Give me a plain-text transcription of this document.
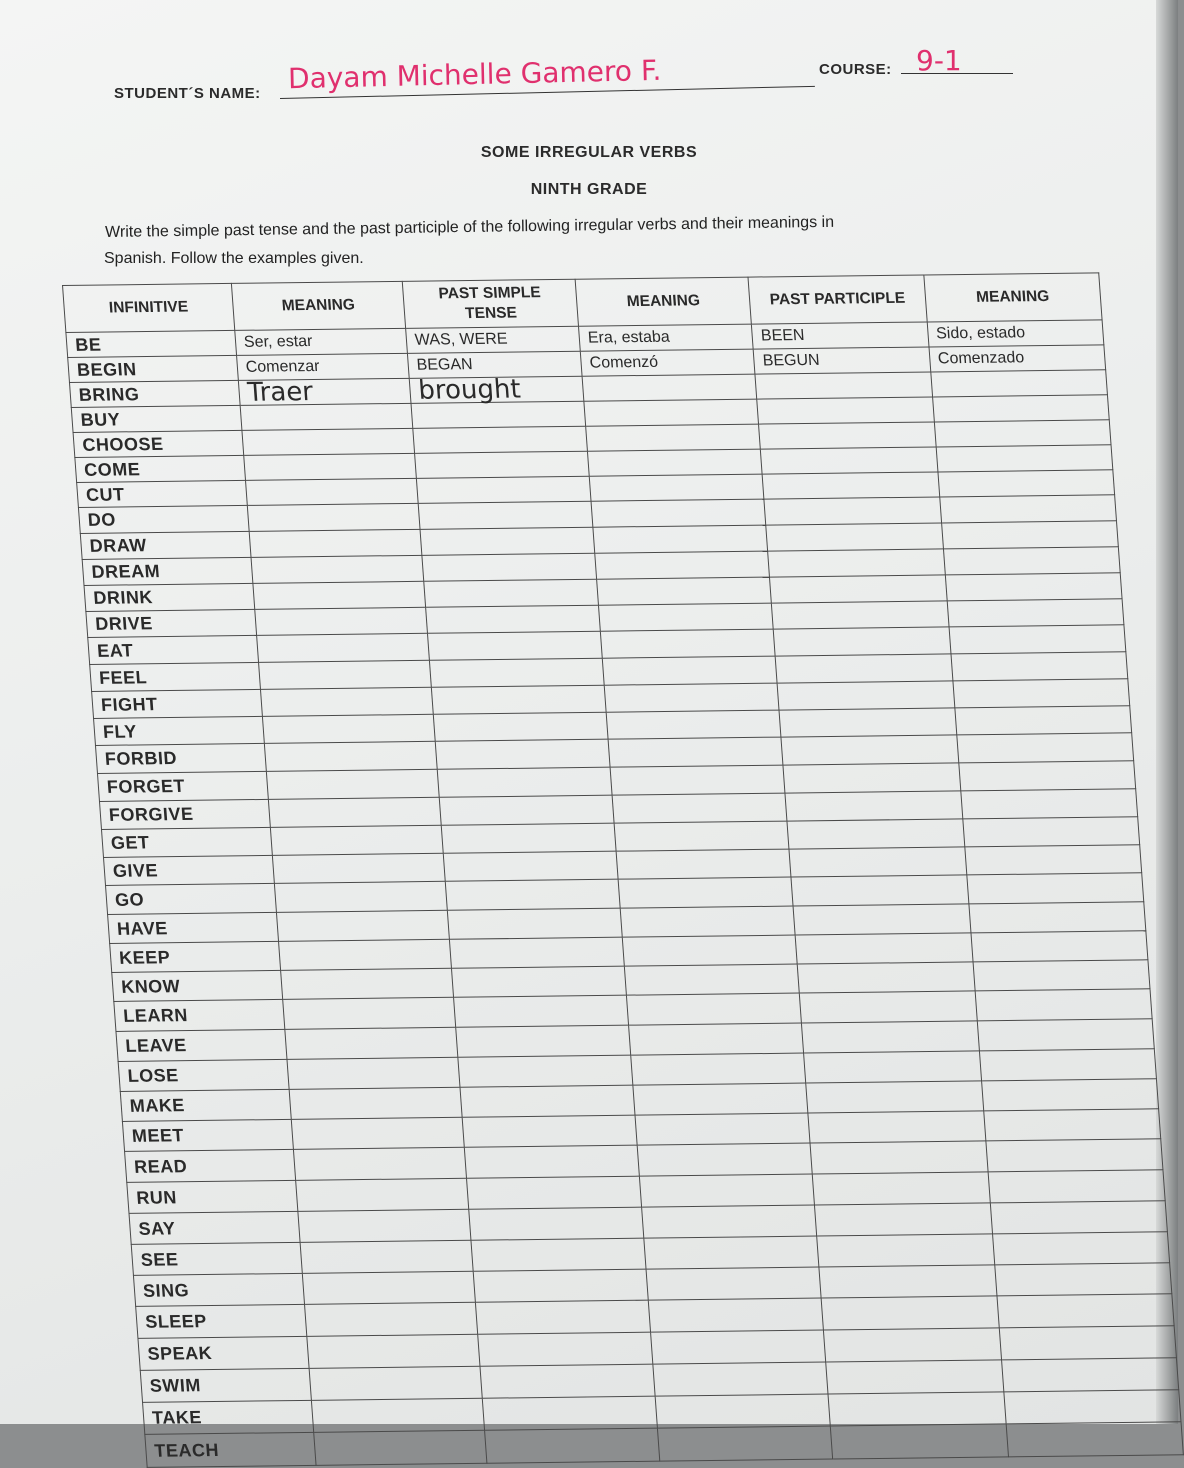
STUDENT´S NAME: Dayam Michelle Gamero F.	COURSE: 9-1
SOME IRREGULAR VERBS
NINTH GRADE
Write the simple past tense and the past participle of the following irregular verbs and their meanings in
Spanish. Follow the examples given.
INFINITIVE	MEANING	PAST SIMPLE TENSE	MEANING	PAST PARTICIPLE	MEANING
BE	Ser, estar	WAS, WERE	Era, estaba	BEEN	Sido, estado
BEGIN	Comenzar	BEGAN	Comenzó	BEGUN	Comenzado
BRING	Traer	brought			
BUY					
CHOOSE					
COME					
CUT					
DO					
DRAW					
DREAM					
DRINK					
DRIVE					
EAT					
FEEL					
FIGHT					
FLY					
FORBID					
FORGET					
FORGIVE					
GET					
GIVE					
GO					
HAVE					
KEEP					
KNOW					
LEARN					
LEAVE					
LOSE					
MAKE					
MEET					
READ					
RUN					
SAY					
SEE					
SING					
SLEEP					
SPEAK					
SWIM					
TAKE					
TEACH					
